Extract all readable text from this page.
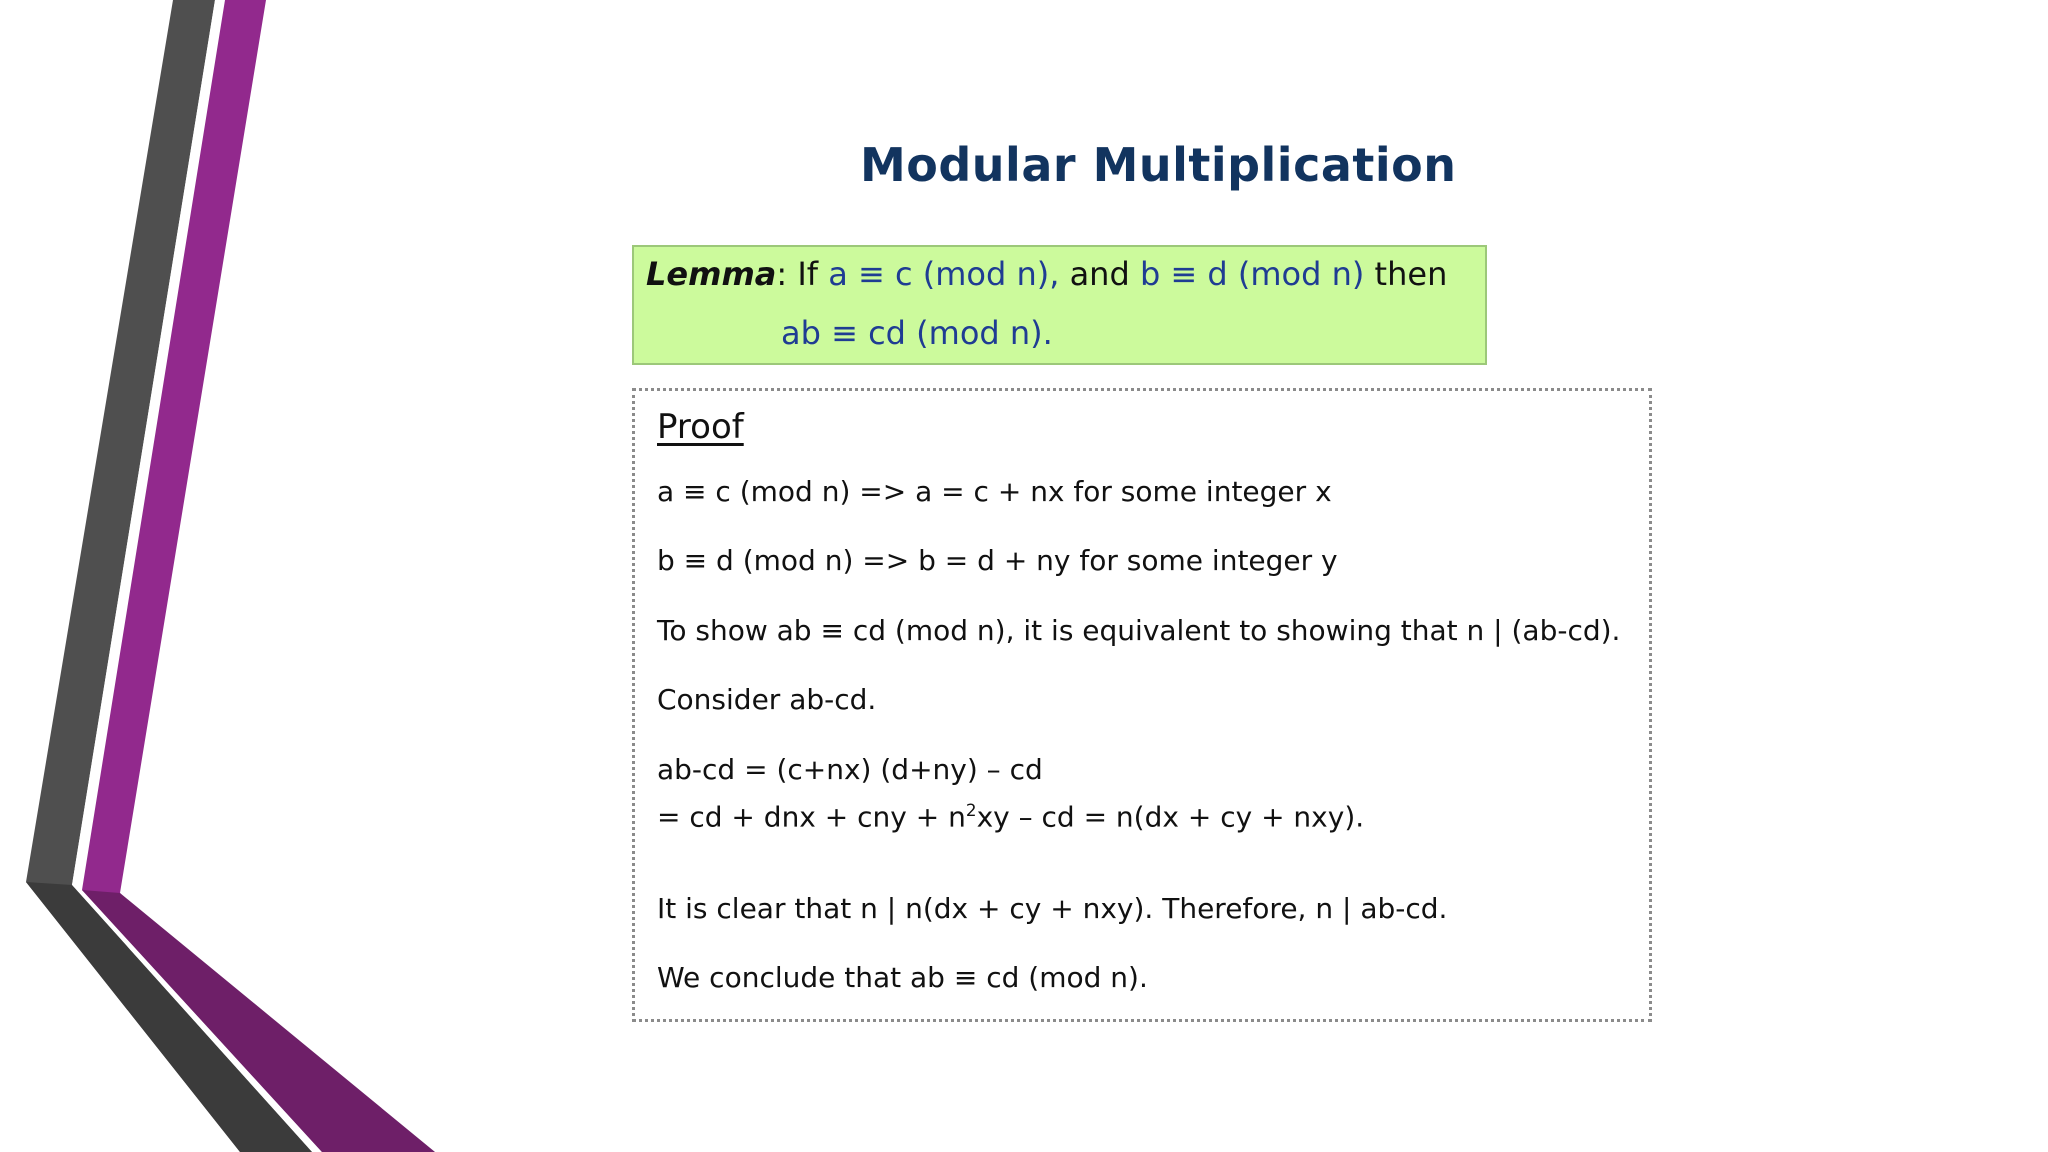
Modular Multiplication
Lemma: If a ≡ c (mod n), and b ≡ d (mod n) then
ab ≡ cd (mod n).
Proof
a ≡ c (mod n) => a = c + nx for some integer x
b ≡ d (mod n) => b = d + ny for some integer y
To show ab ≡ cd (mod n), it is equivalent to showing that n | (ab-cd).
Consider ab-cd.
ab-cd = (c+nx) (d+ny) – cd
= cd + dnx + cny + $n^2xy$ – cd = n(dx + cy + nxy).
It is clear that n | n(dx + cy + nxy). Therefore, n | ab-cd.
We conclude that ab ≡ cd (mod n).
